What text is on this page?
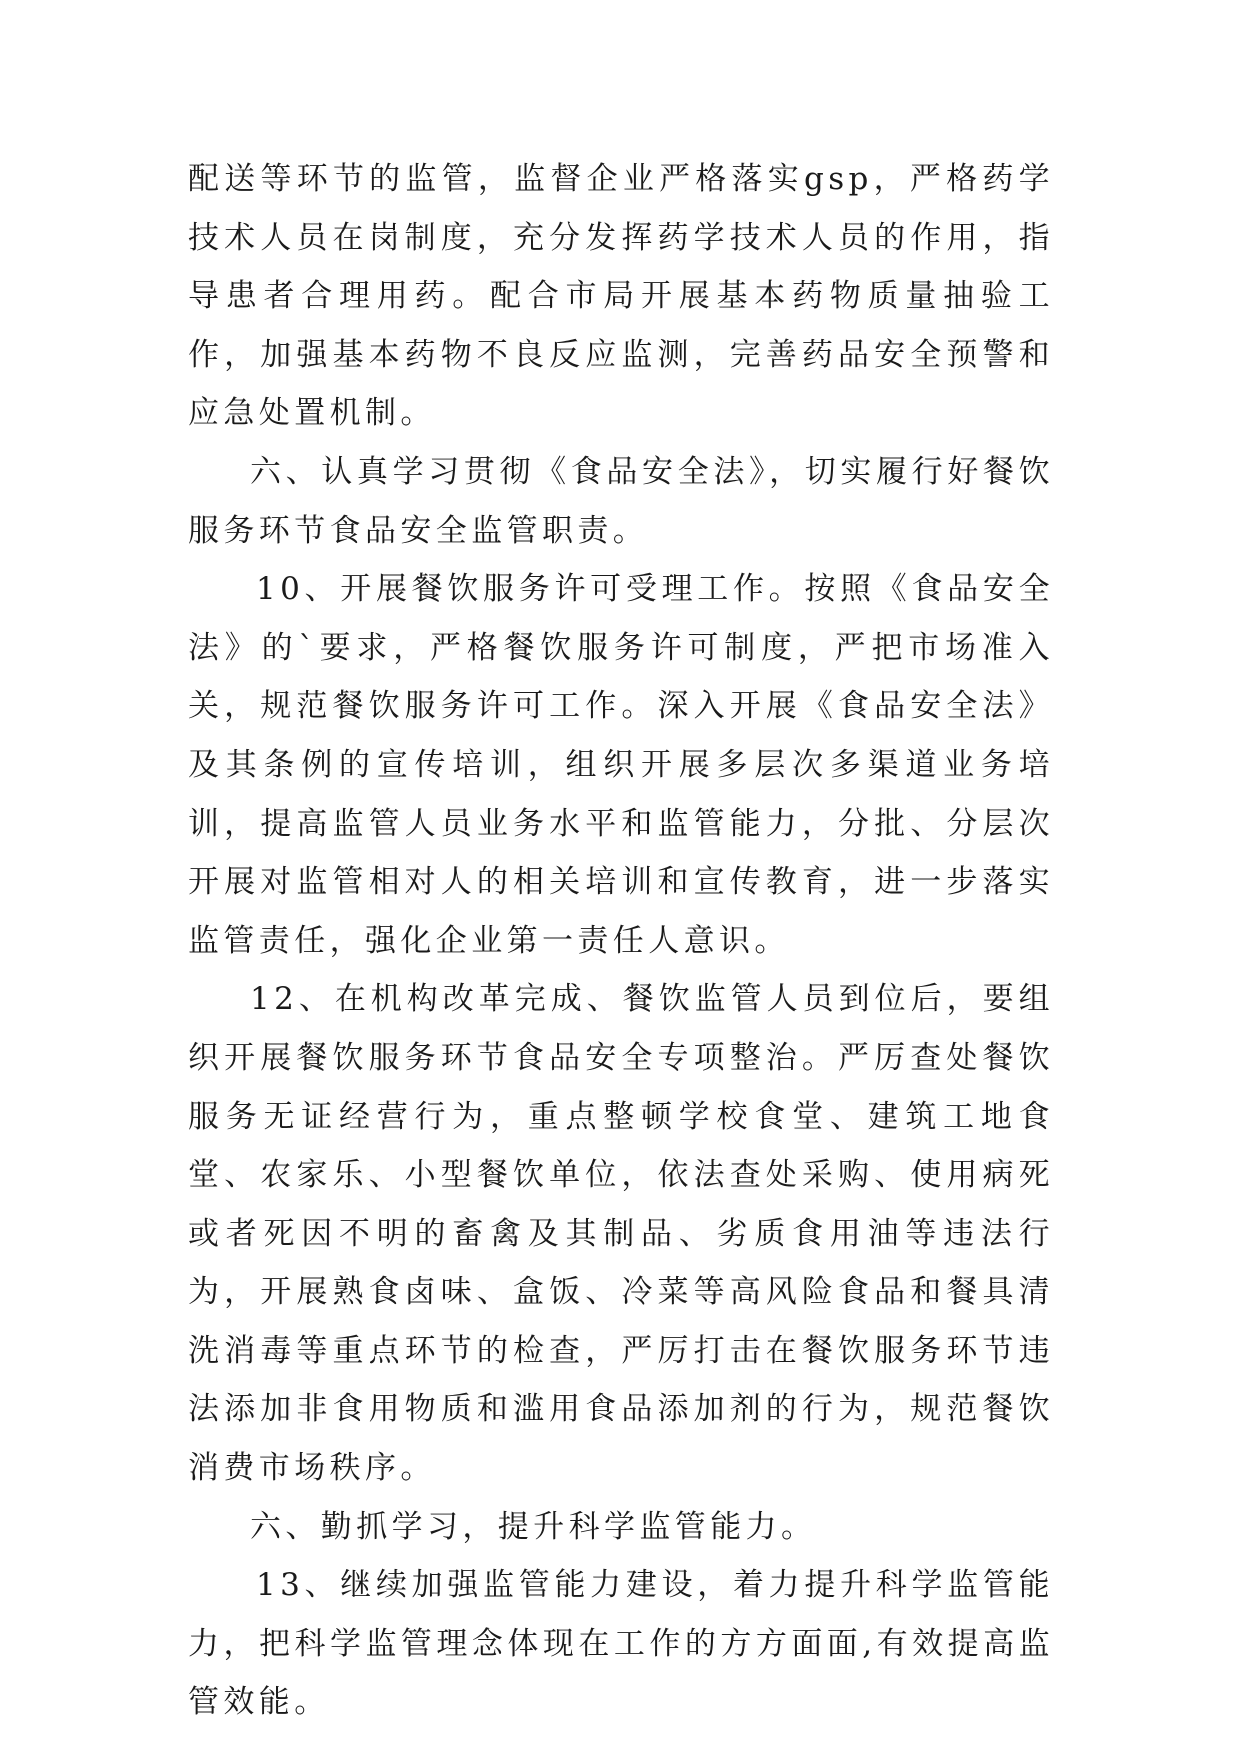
配送等环节的监管，监督企业严格落实gsp，严格药学技术人员在岗制度，充分发挥药学技术人员的作用，指导患者合理用药。配合市局开展基本药物质量抽验工作，加强基本药物不良反应监测，完善药品安全预警和应急处置机制。

六、认真学习贯彻《食品安全法》，切实履行好餐饮服务环节食品安全监管职责。

10、开展餐饮服务许可受理工作。按照《食品安全法》的`要求，严格餐饮服务许可制度，严把市场准入关，规范餐饮服务许可工作。深入开展《食品安全法》及其条例的宣传培训，组织开展多层次多渠道业务培训，提高监管人员业务水平和监管能力，分批、分层次开展对监管相对人的相关培训和宣传教育，进一步落实监管责任，强化企业第一责任人意识。

12、在机构改革完成、餐饮监管人员到位后，要组织开展餐饮服务环节食品安全专项整治。严厉查处餐饮服务无证经营行为，重点整顿学校食堂、建筑工地食堂、农家乐、小型餐饮单位，依法查处采购、使用病死或者死因不明的畜禽及其制品、劣质食用油等违法行为，开展熟食卤味、盒饭、冷菜等高风险食品和餐具清洗消毒等重点环节的检查，严厉打击在餐饮服务环节违法添加非食用物质和滥用食品添加剂的行为，规范餐饮消费市场秩序。

六、勤抓学习，提升科学监管能力。

13、继续加强监管能力建设，着力提升科学监管能力，把科学监管理念体现在工作的方方面面,有效提高监管效能。
